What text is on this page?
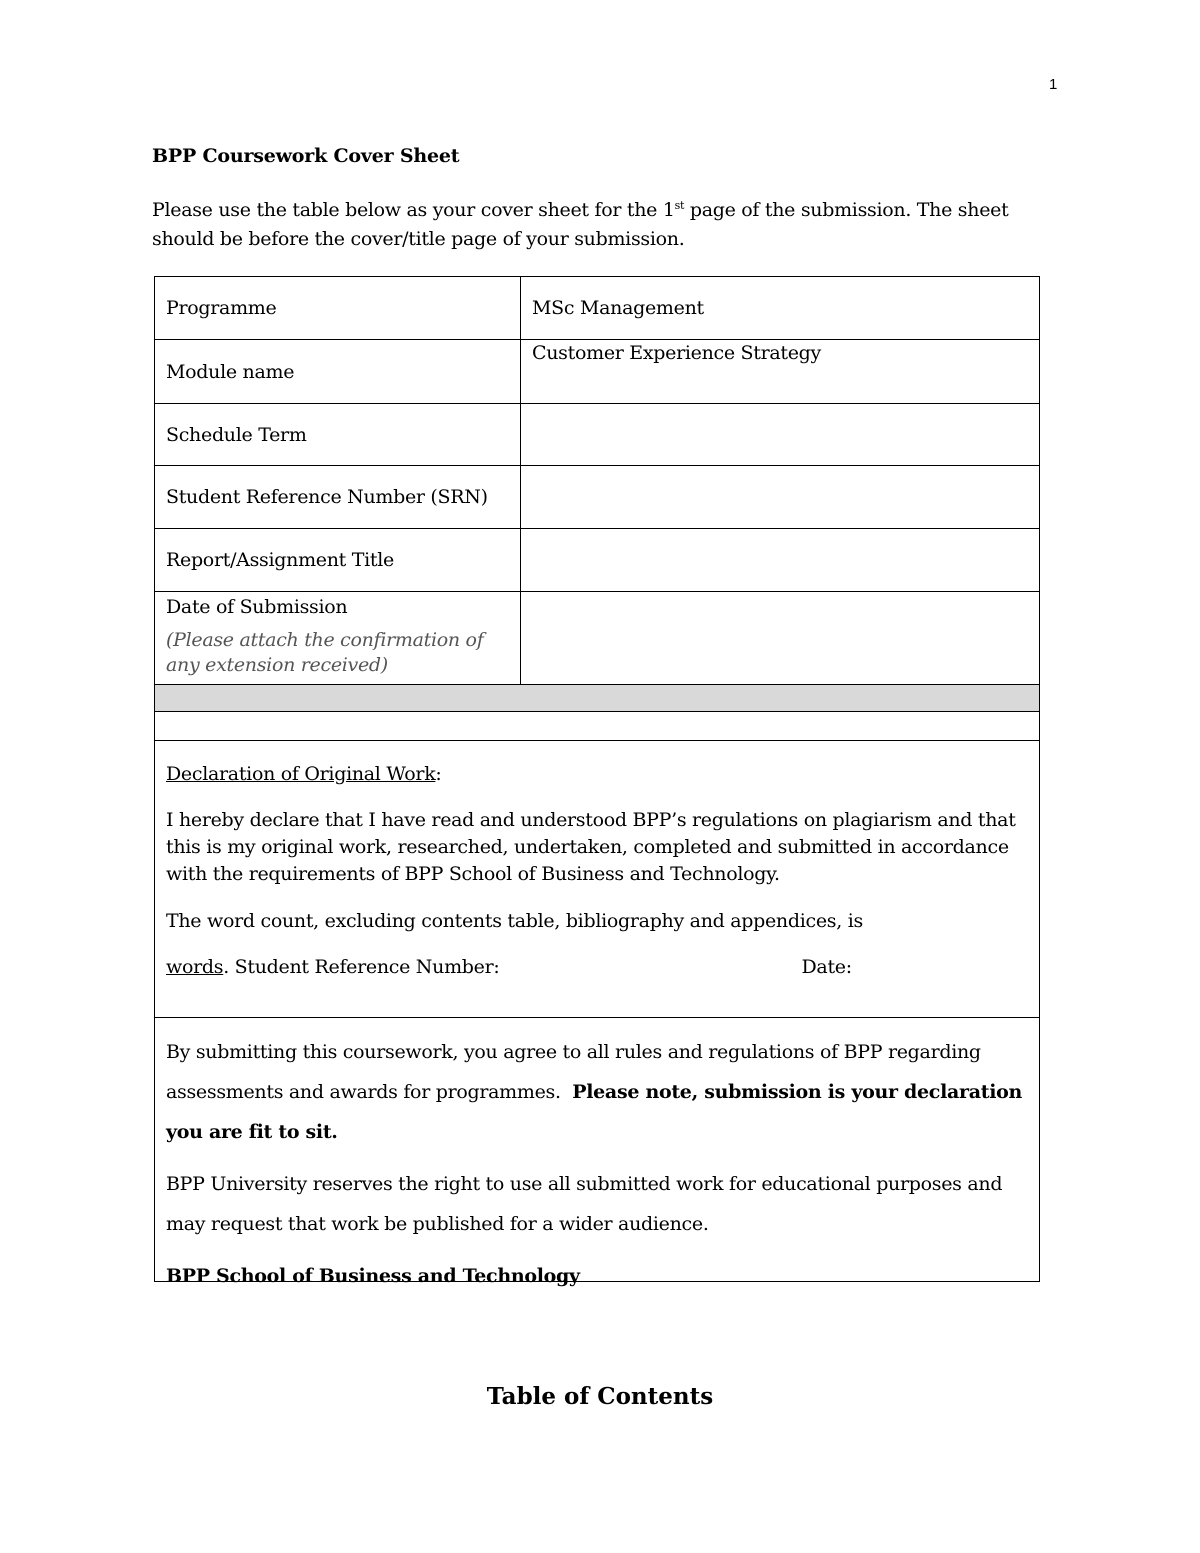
1
BPP Coursework Cover Sheet
Please use the table below as your cover sheet for the 1st page of the submission. The sheet
should be before the cover/title page of your submission.
Programme	MSc Management
Module name
Customer Experience Strategy
Schedule Term
Student Reference Number (SRN)
Report/Assignment Title
Date of Submission
(Please attach the confirmation of any extension received)

Declaration of Original Work:

I hereby declare that I have read and understood BPP’s regulations on plagiarism and that this is my original work, researched, undertaken, completed and submitted in accordance with the requirements of BPP School of Business and Technology.

The word count, excluding contents table, bibliography and appendices, is

words . Student Reference Number:	Date:

By submitting this coursework, you agree to all rules and regulations of BPP regarding assessments and awards for programmes. Please note, submission is your declaration you are fit to sit.

BPP University reserves the right to use all submitted work for educational purposes and may request that work be published for a wider audience.

BPP School of Business and Technology

Table of Contents
